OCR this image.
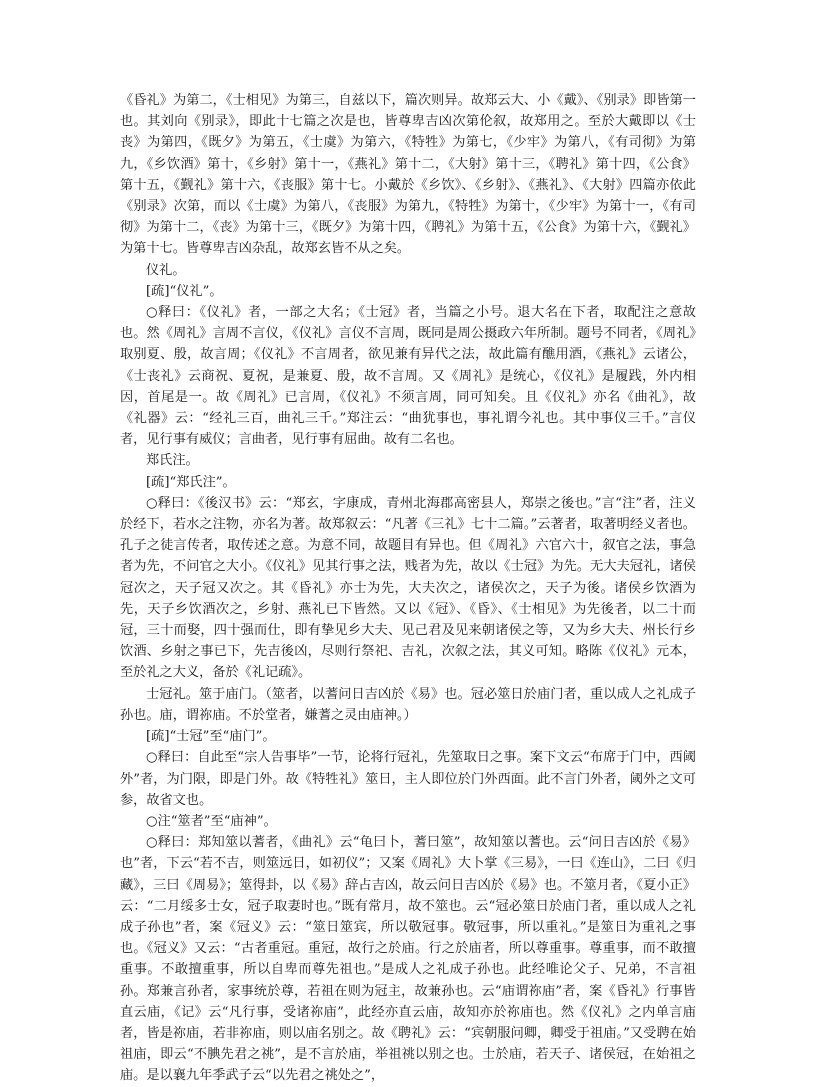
《昏礼》为第二，《士相见》为第三，自兹以下，篇次则异。故郑云大、小《戴》、《别录》即皆第一也。其刘向《别录》，即此十七篇之次是也，皆尊卑吉凶次第伦叙，故郑用之。至於大戴即以《士丧》为第四，《既夕》为第五，《士虞》为第六，《特牲》为第七，《少牢》为第八，《有司彻》为第九，《乡饮酒》第十，《乡射》第十一，《燕礼》第十二，《大射》第十三，《聘礼》第十四，《公食》第十五，《觐礼》第十六，《丧服》第十七。小戴於《乡饮》、《乡射》、《燕礼》、《大射》四篇亦依此《别录》次第，而以《士虞》为第八，《丧服》为第九，《特牲》为第十，《少牢》为第十一，《有司彻》为第十二，《丧》为第十三，《既夕》为第十四，《聘礼》为第十五，《公食》为第十六，《觐礼》为第十七。皆尊卑吉凶杂乱，故郑玄皆不从之矣。

仪礼。

[疏]“仪礼”。

○释曰：《仪礼》者，一部之大名；《士冠》者，当篇之小号。退大名在下者，取配注之意故也。然《周礼》言周不言仪，《仪礼》言仪不言周，既同是周公摄政六年所制。题号不同者，《周礼》取别夏、殷，故言周；《仪礼》不言周者，欲见兼有异代之法，故此篇有醮用酒，《燕礼》云诸公，《士丧礼》云商祝、夏祝，是兼夏、殷，故不言周。又《周礼》是统心，《仪礼》是履践，外内相因，首尾是一。故《周礼》已言周，《仪礼》不须言周，同可知矣。且《仪礼》亦名《曲礼》，故《礼器》云：“经礼三百，曲礼三千。”郑注云：“曲犹事也，事礼谓今礼也。其中事仪三千。”言仪者，见行事有威仪；言曲者，见行事有屈曲。故有二名也。

郑氏注。

[疏]“郑氏注”。

○释曰：《後汉书》云：“郑玄，字康成，青州北海郡高密县人，郑崇之後也。”言“注”者，注义於经下，若水之注物，亦名为著。故郑叙云：“凡著《三礼》七十二篇。”云著者，取著明经义者也。孔子之徒言传者，取传述之意。为意不同，故题目有异也。但《周礼》六官六十，叙官之法，事急者为先，不问官之大小。《仪礼》见其行事之法，贱者为先，故以《士冠》为先。无大夫冠礼，诸侯冠次之，天子冠又次之。其《昏礼》亦士为先，大夫次之，诸侯次之，天子为後。诸侯乡饮酒为先，天子乡饮酒次之，乡射、燕礼已下皆然。又以《冠》、《昏》、《士相见》为先後者，以二十而冠，三十而娶，四十强而仕，即有挚见乡大夫、见己君及见来朝诸侯之等，又为乡大夫、州长行乡饮酒、乡射之事已下，先吉後凶，尽则行祭祀、吉礼，次叙之法，其义可知。略陈《仪礼》元本，至於礼之大义，备於《礼记疏》。

士冠礼。筮于庙门。（筮者，以蓍问日吉凶於《易》也。冠必筮日於庙门者，重以成人之礼成子孙也。庙，谓祢庙。不於堂者，嫌蓍之灵由庙神。）

[疏]“士冠”至“庙门”。

○释曰：自此至“宗人告事毕”一节，论将行冠礼，先筮取日之事。案下文云“布席于门中，西阈外”者，为门限，即是门外。故《特牲礼》筮日，主人即位於门外西面。此不言门外者，阈外之文可参，故省文也。

○注“筮者”至“庙神”。

○释曰：郑知筮以蓍者，《曲礼》云“龟曰卜，蓍曰筮”，故知筮以蓍也。云“问日吉凶於《易》也”者，下云“若不吉，则筮远日，如初仪”；又案《周礼》大卜掌《三易》，一曰《连山》，二曰《归藏》，三曰《周易》；筮得卦，以《易》辞占吉凶，故云问日吉凶於《易》也。不筮月者，《夏小正》云：“二月绥多士女，冠子取妻时也。”既有常月，故不筮也。云“冠必筮日於庙门者，重以成人之礼成子孙也”者，案《冠义》云：“筮日筮宾，所以敬冠事。敬冠事，所以重礼。”是筮日为重礼之事也。《冠义》又云：“古者重冠。重冠，故行之於庙。行之於庙者，所以尊重事。尊重事，而不敢擅重事。不敢擅重事，所以自卑而尊先祖也。”是成人之礼成子孙也。此经唯论父子、兄弟，不言祖孙。郑兼言孙者，家事统於尊，若祖在则为冠主，故兼孙也。云“庙谓祢庙”者，案《昏礼》行事皆直云庙，《记》云“凡行事，受诸祢庙”，此经亦直云庙，故知亦於祢庙也。然《仪礼》之内单言庙者，皆是祢庙，若非祢庙，则以庙名别之。故《聘礼》云：“宾朝服问卿，卿受于祖庙。”又受聘在始祖庙，即云“不腆先君之祧”，是不言於庙，举祖祧以别之也。士於庙，若天子、诸侯冠，在始祖之庙。是以襄九年季武子云“以先君之祧处之”，
